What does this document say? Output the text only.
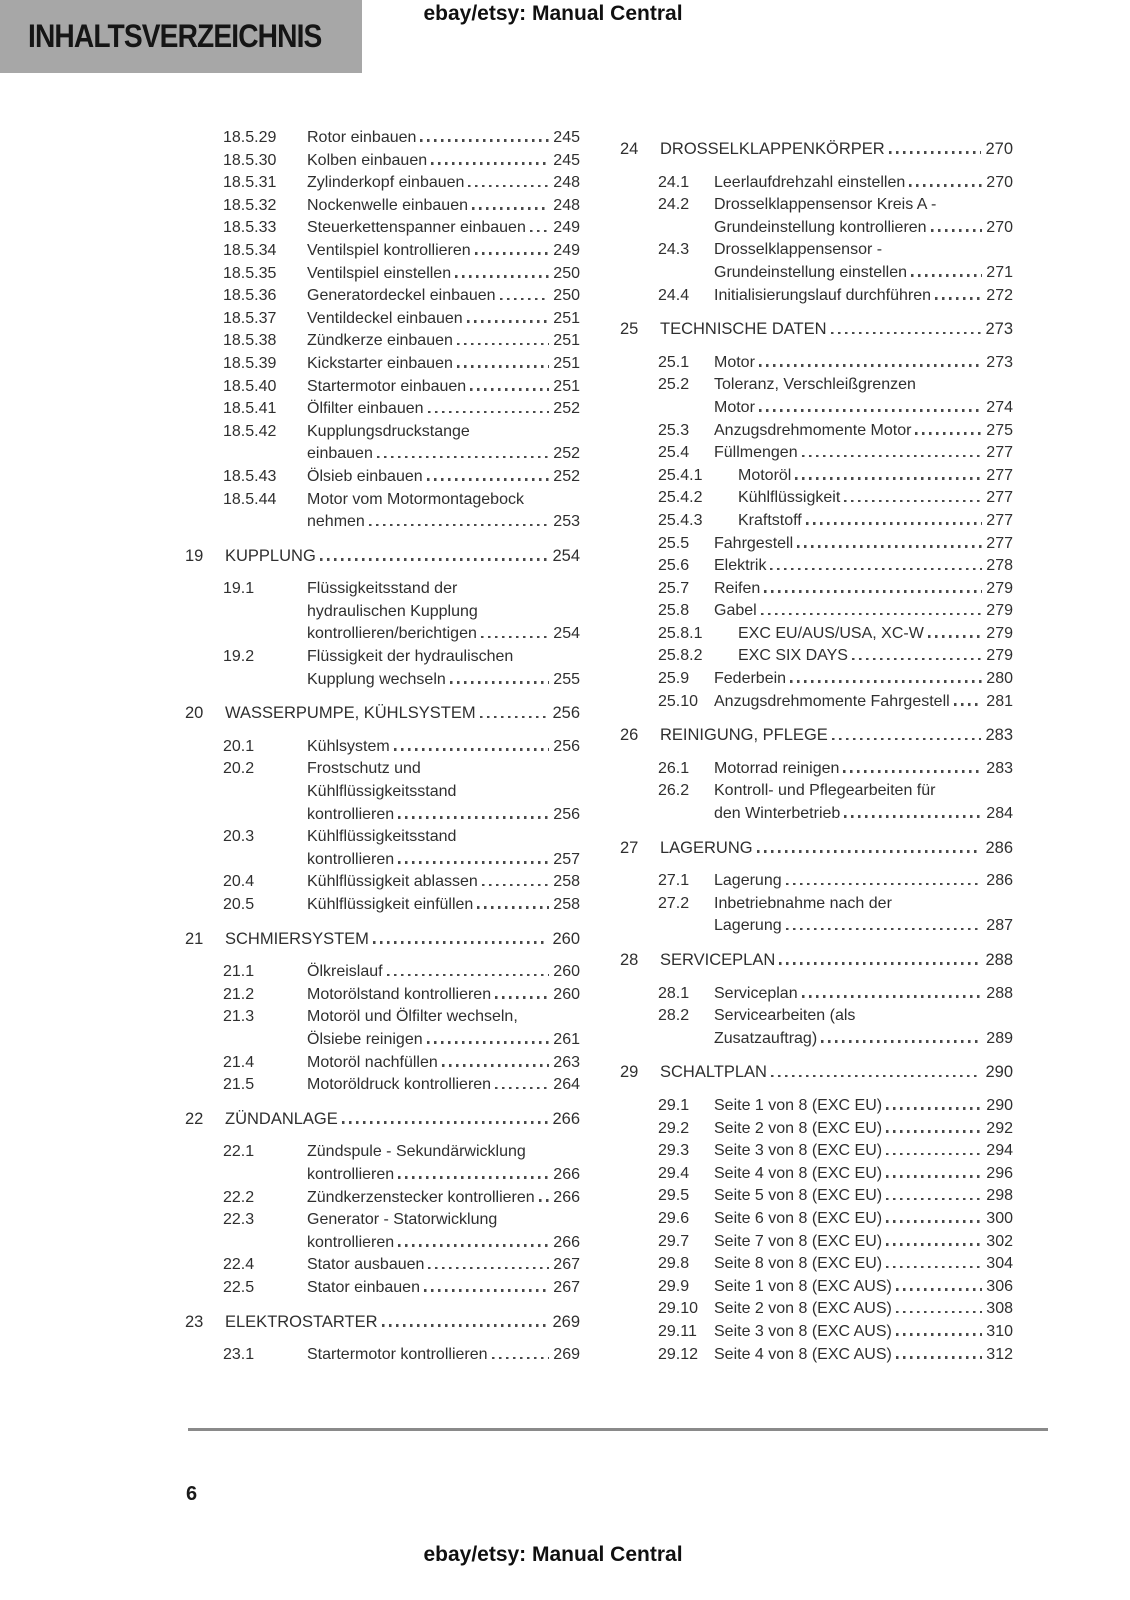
INHALTSVERZEICHNIS
ebay/etsy: Manual Central
18.5.29	Rotor einbauen	245
18.5.30	Kolben einbauen	245
18.5.31	Zylinderkopf einbauen	248
18.5.32	Nockenwelle einbauen	248
18.5.33	Steuerkettenspanner einbauen 249
18.5.34	Ventilspiel kontrollieren	249
18.5.35	Ventilspiel einstellen	250
18.5.36	Generatordeckel einbauen	250
18.5.37	Ventildeckel einbauen	251
18.5.38	Zündkerze einbauen	251
18.5.39	Kickstarter einbauen	251
18.5.40	Startermotor einbauen	251
18.5.41	Ölfilter einbauen	252
18.5.42	Kupplungsdruckstange
einbauen	252
18.5.43	Ölsieb einbauen	252
18.5.44	Motor vom Motormontagebock
nehmen	253
19	KUPPLUNG	254
19.1	Flüssigkeitsstand der
hydraulischen Kupplung
kontrollieren/berichtigen	254
19.2	Flüssigkeit der hydraulischen
Kupplung wechseln	255
20	WASSERPUMPE, KÜHLSYSTEM	256
20.1	Kühlsystem	256
20.2	Frostschutz und
Kühlflüssigkeitsstand
kontrollieren	256
20.3	Kühlflüssigkeitsstand
kontrollieren	257
20.4	Kühlflüssigkeit ablassen	258
20.5	Kühlflüssigkeit einfüllen	258
21	SCHMIERSYSTEM	260
21.1	Ölkreislauf	260
21.2	Motorölstand kontrollieren	260
21.3	Motoröl und Ölfilter wechseln,
Ölsiebe reinigen	261
21.4	Motoröl nachfüllen	263
21.5	Motoröldruck kontrollieren	264
22	ZÜNDANLAGE	266
22.1	Zündspule - Sekundärwicklung
kontrollieren	266
22.2	Zündkerzenstecker kontrollieren 266
22.3	Generator - Statorwicklung
kontrollieren	266
22.4	Stator ausbauen	267
22.5	Stator einbauen	267
23	ELEKTROSTARTER	269
23.1	Startermotor kontrollieren	269
24	DROSSELKLAPPENKÖRPER	270
24.1	Leerlaufdrehzahl einstellen	270
24.2	Drosselklappensensor Kreis A -
Grundeinstellung kontrollieren	270
24.3	Drosselklappensensor -
Grundeinstellung einstellen	271
24.4	Initialisierungslauf durchführen	272
25	TECHNISCHE DATEN	273
25.1	Motor	273
25.2	Toleranz, Verschleißgrenzen
Motor	274
25.3	Anzugsdrehmomente Motor	275
25.4	Füllmengen	277
25.4.1	Motoröl	277
25.4.2	Kühlflüssigkeit	277
25.4.3	Kraftstoff	277
25.5	Fahrgestell	277
25.6	Elektrik	278
25.7	Reifen	279
25.8	Gabel	279
25.8.1	EXC EU/AUS/USA, XC-W	279
25.8.2	EXC SIX DAYS	279
25.9	Federbein	280
25.10 Anzugsdrehmomente Fahrgestell 281
26	REINIGUNG, PFLEGE	283
26.1	Motorrad reinigen	283
26.2	Kontroll- und Pflegearbeiten für
den Winterbetrieb	284
27	LAGERUNG	286
27.1	Lagerung	286
27.2	Inbetriebnahme nach der
Lagerung	287
28	SERVICEPLAN	288
28.1	Serviceplan	288
28.2	Servicearbeiten (als
Zusatzauftrag)	289
29	SCHALTPLAN	290
29.1	Seite 1 von 8 (EXC EU)	290
29.2	Seite 2 von 8 (EXC EU)	292
29.3	Seite 3 von 8 (EXC EU)	294
29.4	Seite 4 von 8 (EXC EU)	296
29.5	Seite 5 von 8 (EXC EU)	298
29.6	Seite 6 von 8 (EXC EU)	300
29.7	Seite 7 von 8 (EXC EU)	302
29.8	Seite 8 von 8 (EXC EU)	304
29.9	Seite 1 von 8 (EXC AUS)	306
29.10 Seite 2 von 8 (EXC AUS)	308
29.11	Seite 3 von 8 (EXC AUS)	310
29.12 Seite 4 von 8 (EXC AUS)	312
6
ebay/etsy: Manual Central
